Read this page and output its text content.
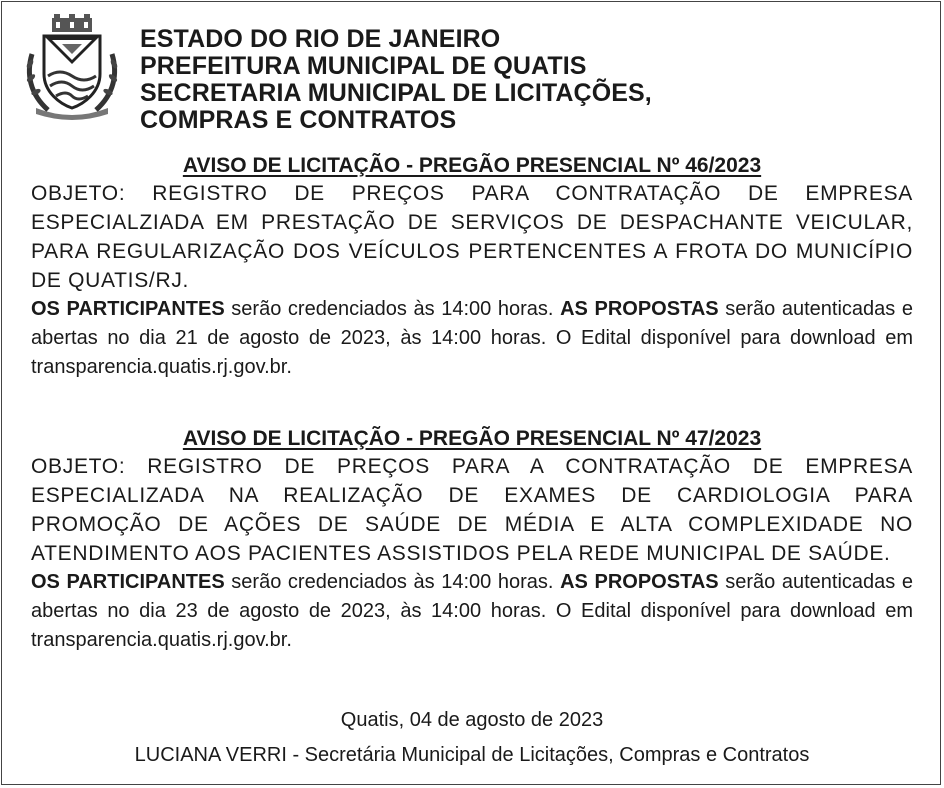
ESTADO DO RIO DE JANEIRO
PREFEITURA MUNICIPAL DE QUATIS
SECRETARIA MUNICIPAL DE LICITAÇÕES,
COMPRAS E CONTRATOS

AVISO DE LICITAÇÃO - PREGÃO PRESENCIAL Nº 46/2023

OBJETO: REGISTRO DE PREÇOS PARA CONTRATAÇÃO DE EMPRESA ESPECIALZIADA EM PRESTAÇÃO DE SERVIÇOS DE DESPACHANTE VEICULAR, PARA REGULARIZAÇÃO DOS VEÍCULOS PERTENCENTES A FROTA DO MUNICÍPIO DE QUATIS/RJ.

OS PARTICIPANTES serão credenciados às 14:00 horas. AS PROPOSTAS serão autenticadas e abertas no dia 21 de agosto de 2023, às 14:00 horas. O Edital disponível para download em transparencia.quatis.rj.gov.br.

AVISO DE LICITAÇÃO - PREGÃO PRESENCIAL Nº 47/2023

OBJETO: REGISTRO DE PREÇOS PARA A CONTRATAÇÃO DE EMPRESA ESPECIALIZADA NA REALIZAÇÃO DE EXAMES DE CARDIOLOGIA PARA PROMOÇÃO DE AÇÕES DE SAÚDE DE MÉDIA E ALTA COMPLEXIDADE NO ATENDIMENTO AOS PACIENTES ASSISTIDOS PELA REDE MUNICIPAL DE SAÚDE.

OS PARTICIPANTES serão credenciados às 14:00 horas. AS PROPOSTAS serão autenticadas e abertas no dia 23 de agosto de 2023, às 14:00 horas. O Edital disponível para download em transparencia.quatis.rj.gov.br.

Quatis, 04 de agosto de 2023
LUCIANA VERRI - Secretária Municipal de Licitações, Compras e Contratos
